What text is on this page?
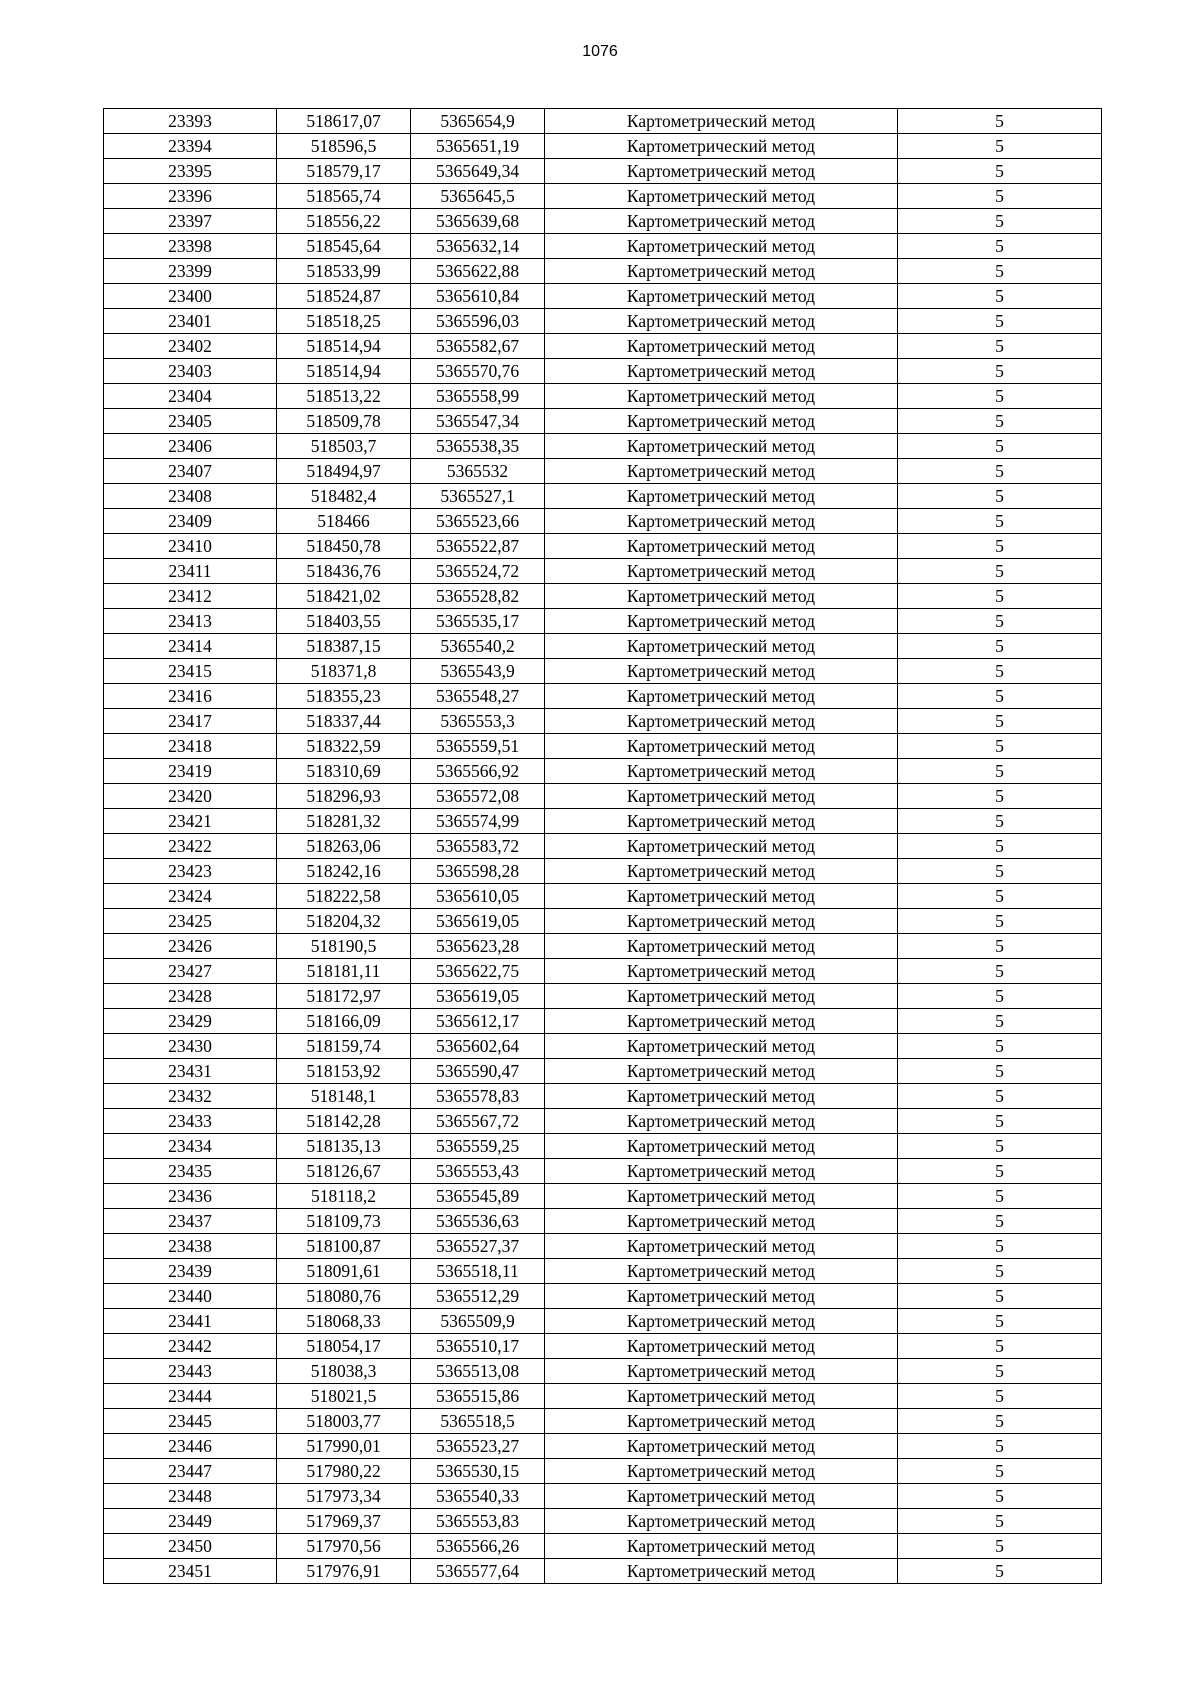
1076
23393	518617,07	5365654,9	Картометрический метод	5
23394	518596,5	5365651,19	Картометрический метод	5
23395	518579,17	5365649,34	Картометрический метод	5
23396	518565,74	5365645,5	Картометрический метод	5
23397	518556,22	5365639,68	Картометрический метод	5
23398	518545,64	5365632,14	Картометрический метод	5
23399	518533,99	5365622,88	Картометрический метод	5
23400	518524,87	5365610,84	Картометрический метод	5
23401	518518,25	5365596,03	Картометрический метод	5
23402	518514,94	5365582,67	Картометрический метод	5
23403	518514,94	5365570,76	Картометрический метод	5
23404	518513,22	5365558,99	Картометрический метод	5
23405	518509,78	5365547,34	Картометрический метод	5
23406	518503,7	5365538,35	Картометрический метод	5
23407	518494,97	5365532	Картометрический метод	5
23408	518482,4	5365527,1	Картометрический метод	5
23409	518466	5365523,66	Картометрический метод	5
23410	518450,78	5365522,87	Картометрический метод	5
23411	518436,76	5365524,72	Картометрический метод	5
23412	518421,02	5365528,82	Картометрический метод	5
23413	518403,55	5365535,17	Картометрический метод	5
23414	518387,15	5365540,2	Картометрический метод	5
23415	518371,8	5365543,9	Картометрический метод	5
23416	518355,23	5365548,27	Картометрический метод	5
23417	518337,44	5365553,3	Картометрический метод	5
23418	518322,59	5365559,51	Картометрический метод	5
23419	518310,69	5365566,92	Картометрический метод	5
23420	518296,93	5365572,08	Картометрический метод	5
23421	518281,32	5365574,99	Картометрический метод	5
23422	518263,06	5365583,72	Картометрический метод	5
23423	518242,16	5365598,28	Картометрический метод	5
23424	518222,58	5365610,05	Картометрический метод	5
23425	518204,32	5365619,05	Картометрический метод	5
23426	518190,5	5365623,28	Картометрический метод	5
23427	518181,11	5365622,75	Картометрический метод	5
23428	518172,97	5365619,05	Картометрический метод	5
23429	518166,09	5365612,17	Картометрический метод	5
23430	518159,74	5365602,64	Картометрический метод	5
23431	518153,92	5365590,47	Картометрический метод	5
23432	518148,1	5365578,83	Картометрический метод	5
23433	518142,28	5365567,72	Картометрический метод	5
23434	518135,13	5365559,25	Картометрический метод	5
23435	518126,67	5365553,43	Картометрический метод	5
23436	518118,2	5365545,89	Картометрический метод	5
23437	518109,73	5365536,63	Картометрический метод	5
23438	518100,87	5365527,37	Картометрический метод	5
23439	518091,61	5365518,11	Картометрический метод	5
23440	518080,76	5365512,29	Картометрический метод	5
23441	518068,33	5365509,9	Картометрический метод	5
23442	518054,17	5365510,17	Картометрический метод	5
23443	518038,3	5365513,08	Картометрический метод	5
23444	518021,5	5365515,86	Картометрический метод	5
23445	518003,77	5365518,5	Картометрический метод	5
23446	517990,01	5365523,27	Картометрический метод	5
23447	517980,22	5365530,15	Картометрический метод	5
23448	517973,34	5365540,33	Картометрический метод	5
23449	517969,37	5365553,83	Картометрический метод	5
23450	517970,56	5365566,26	Картометрический метод	5
23451	517976,91	5365577,64	Картометрический метод	5
